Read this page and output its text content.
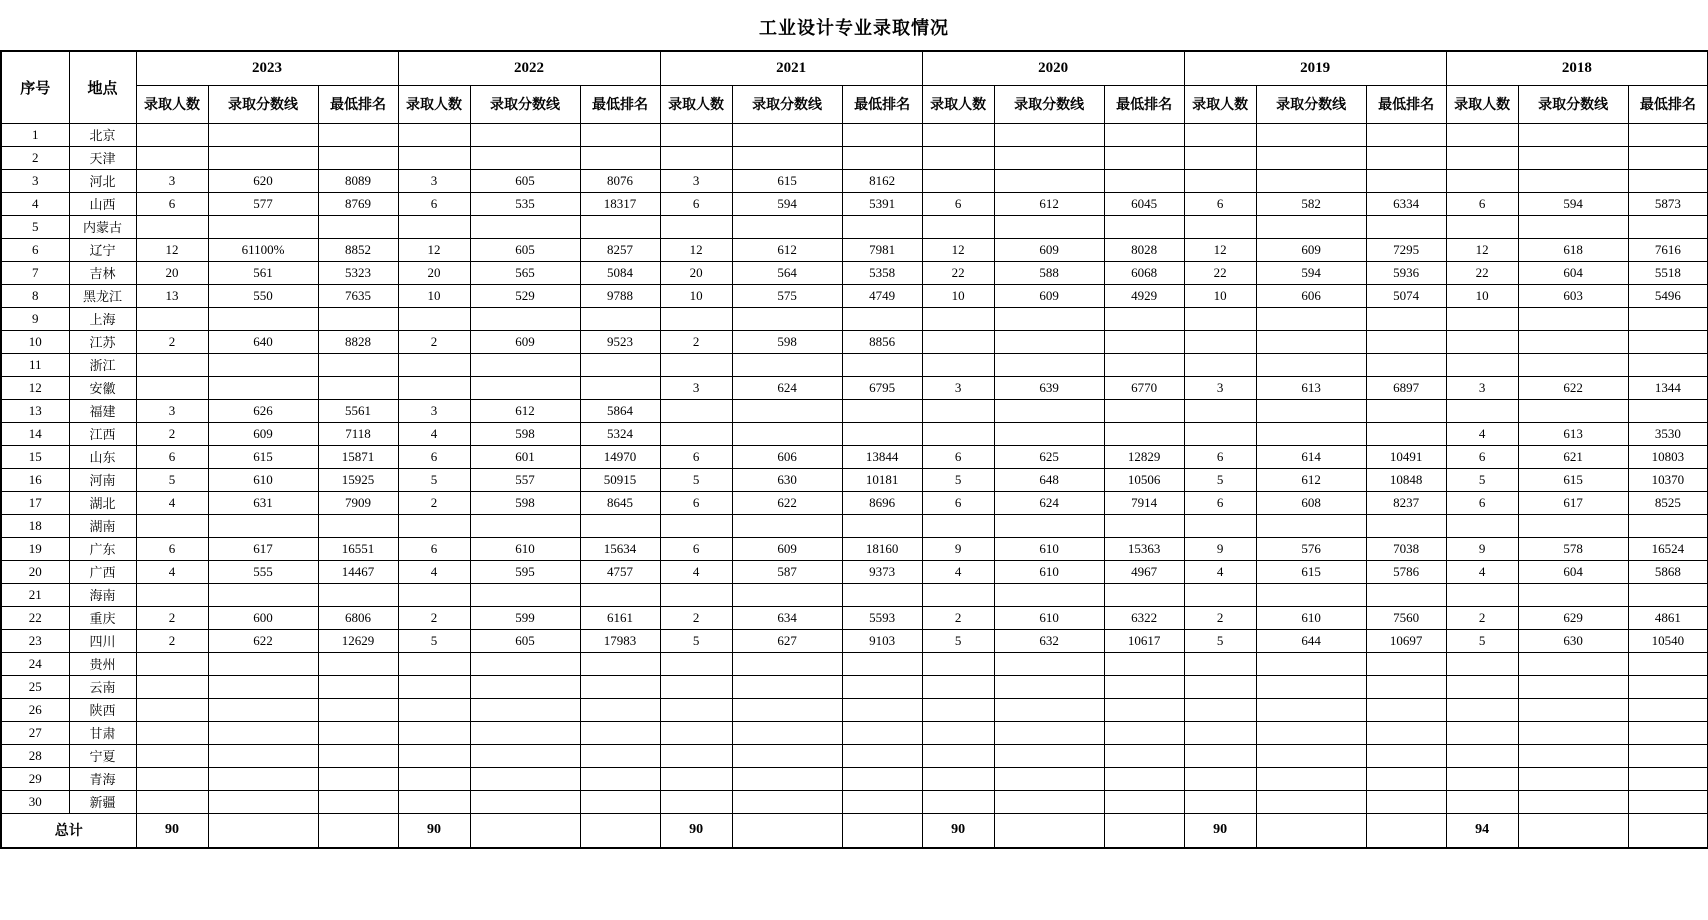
工业设计专业录取情况
序号	地点	2023			2022			2021			2020			2019			2018		
		录取人数	录取分数线	最低排名	录取人数	录取分数线	最低排名	录取人数	录取分数线	最低排名	录取人数	录取分数线	最低排名	录取人数	录取分数线	最低排名	录取人数	录取分数线	最低排名
1	北京																		
2	天津																		
3	河北	3	620	8089	3	605	8076	3	615	8162									
4	山西	6	577	8769	6	535	18317	6	594	5391	6	612	6045	6	582	6334	6	594	5873
5	内蒙古																		
6	辽宁	12	61100%	8852	12	605	8257	12	612	7981	12	609	8028	12	609	7295	12	618	7616
7	吉林	20	561	5323	20	565	5084	20	564	5358	22	588	6068	22	594	5936	22	604	5518
8	黑龙江	13	550	7635	10	529	9788	10	575	4749	10	609	4929	10	606	5074	10	603	5496
9	上海																		
10	江苏	2	640	8828	2	609	9523	2	598	8856									
11	浙江																		
12	安徽							3	624	6795	3	639	6770	3	613	6897	3	622	1344
13	福建	3	626	5561	3	612	5864												
14	江西	2	609	7118	4	598	5324										4	613	3530
15	山东	6	615	15871	6	601	14970	6	606	13844	6	625	12829	6	614	10491	6	621	10803
16	河南	5	610	15925	5	557	50915	5	630	10181	5	648	10506	5	612	10848	5	615	10370
17	湖北	4	631	7909	2	598	8645	6	622	8696	6	624	7914	6	608	8237	6	617	8525
18	湖南																		
19	广东	6	617	16551	6	610	15634	6	609	18160	9	610	15363	9	576	7038	9	578	16524
20	广西	4	555	14467	4	595	4757	4	587	9373	4	610	4967	4	615	5786	4	604	5868
21	海南																		
22	重庆	2	600	6806	2	599	6161	2	634	5593	2	610	6322	2	610	7560	2	629	4861
23	四川	2	622	12629	5	605	17983	5	627	9103	5	632	10617	5	644	10697	5	630	10540
24	贵州																		
25	云南																		
26	陕西																		
27	甘肃																		
28	宁夏																		
29	青海																		
30	新疆																		
总计		90			90			90			90			90			94		
